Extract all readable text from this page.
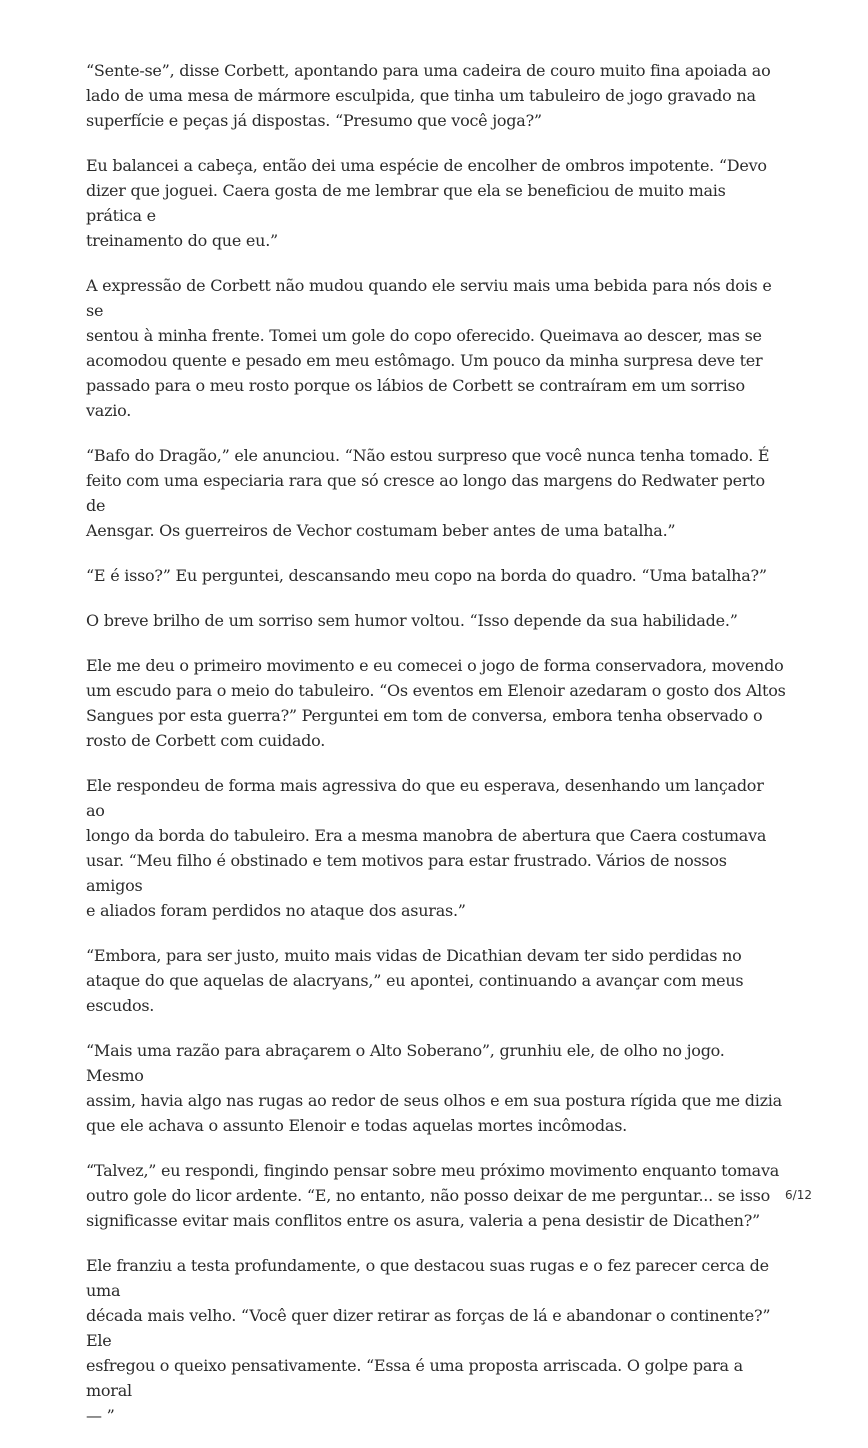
“Sente-se”, disse Corbett, apontando para uma cadeira de couro muito fina apoiada ao
lado de uma mesa de mármore esculpida, que tinha um tabuleiro de jogo gravado na
superfície e peças já dispostas. “Presumo que você joga?”

Eu balancei a cabeça, então dei uma espécie de encolher de ombros impotente. “Devo
dizer que joguei. Caera gosta de me lembrar que ela se beneficiou de muito mais prática e
treinamento do que eu.”

A expressão de Corbett não mudou quando ele serviu mais uma bebida para nós dois e se
sentou à minha frente. Tomei um gole do copo oferecido. Queimava ao descer, mas se
acomodou quente e pesado em meu estômago. Um pouco da minha surpresa deve ter
passado para o meu rosto porque os lábios de Corbett se contraíram em um sorriso vazio.

“Bafo do Dragão,” ele anunciou. “Não estou surpreso que você nunca tenha tomado. É
feito com uma especiaria rara que só cresce ao longo das margens do Redwater perto de
Aensgar. Os guerreiros de Vechor costumam beber antes de uma batalha.”

“E é isso?” Eu perguntei, descansando meu copo na borda do quadro. “Uma batalha?”

O breve brilho de um sorriso sem humor voltou. “Isso depende da sua habilidade.”

Ele me deu o primeiro movimento e eu comecei o jogo de forma conservadora, movendo
um escudo para o meio do tabuleiro. “Os eventos em Elenoir azedaram o gosto dos Altos
Sangues por esta guerra?” Perguntei em tom de conversa, embora tenha observado o
rosto de Corbett com cuidado.

Ele respondeu de forma mais agressiva do que eu esperava, desenhando um lançador ao
longo da borda do tabuleiro. Era a mesma manobra de abertura que Caera costumava
usar. “Meu filho é obstinado e tem motivos para estar frustrado. Vários de nossos amigos
e aliados foram perdidos no ataque dos asuras.”

“Embora, para ser justo, muito mais vidas de Dicathian devam ter sido perdidas no
ataque do que aquelas de alacryans,” eu apontei, continuando a avançar com meus
escudos.

“Mais uma razão para abraçarem o Alto Soberano”, grunhiu ele, de olho no jogo. Mesmo
assim, havia algo nas rugas ao redor de seus olhos e em sua postura rígida que me dizia
que ele achava o assunto Elenoir e todas aquelas mortes incômodas.

“Talvez,” eu respondi, fingindo pensar sobre meu próximo movimento enquanto tomava
outro gole do licor ardente. “E, no entanto, não posso deixar de me perguntar... se isso
significasse evitar mais conflitos entre os asura, valeria a pena desistir de Dicathen?”

Ele franziu a testa profundamente, o que destacou suas rugas e o fez parecer cerca de uma
década mais velho. “Você quer dizer retirar as forças de lá e abandonar o continente?” Ele
esfregou o queixo pensativamente. “Essa é uma proposta arriscada. O golpe para a moral
— ”

6/12
